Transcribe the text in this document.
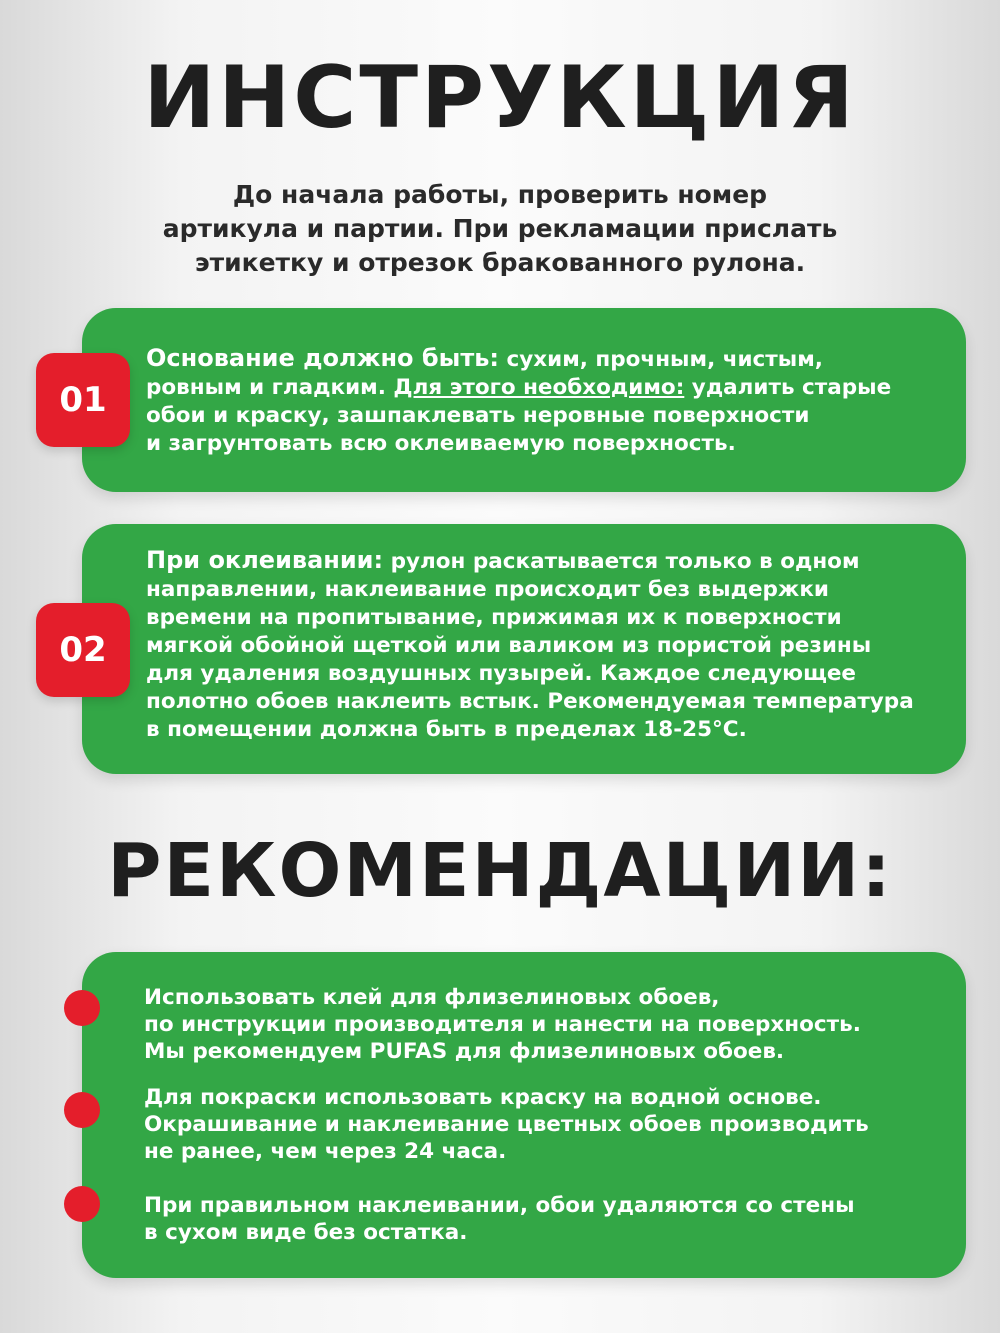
ИНСТРУКЦИЯ

До начала работы, проверить номер
артикула и партии. При рекламации прислать
этикетку и отрезок бракованного рулона.

Основание должно быть: сухим, прочным, чистым,
ровным и гладким. Для этого необходимо: удалить старые
обои и краску, зашпаклевать неровные поверхности
и загрунтовать всю оклеиваемую поверхность.

01

При оклеивании: рулон раскатывается только в одном
направлении, наклеивание происходит без выдержки
времени на пропитывание, прижимая их к поверхности
мягкой обойной щеткой или валиком из пористой резины
для удаления воздушных пузырей. Каждое следующее
полотно обоев наклеить встык. Рекомендуемая температура
в помещении должна быть в пределах 18-25°С.

02
РЕКОМЕНДАЦИИ:

Использовать клей для флизелиновых обоев,
по инструкции производителя и нанести на поверхность.
Мы рекомендуем PUFAS для флизелиновых обоев.

Для покраски использовать краску на водной основе.
Окрашивание и наклеивание цветных обоев производить
не ранее, чем через 24 часа.

При правильном наклеивании, обои удаляются со стены
в сухом виде без остатка.
